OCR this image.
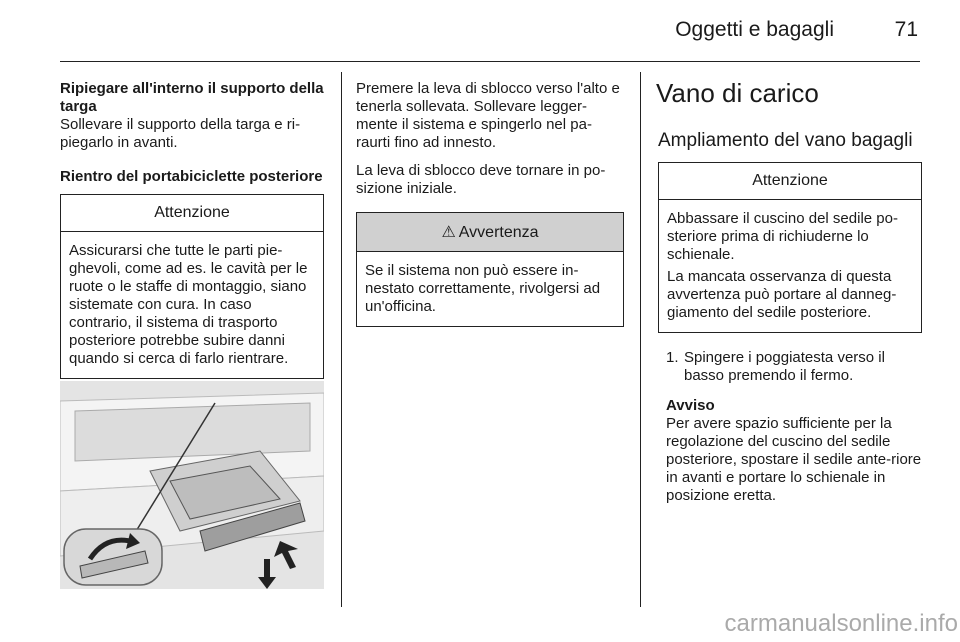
Oggetti e bagagli	71

Ripiegare all'interno il supporto della targa

Sollevare il supporto della targa e ri-piegarlo in avanti.

Rientro del portabiciclette posteriore

Attenzione

Assicurarsi che tutte le parti pie-ghevoli, come ad es. le cavità per le ruote o le staffe di montaggio, siano sistemate con cura. In caso contrario, il sistema di trasporto posteriore potrebbe subire danni quando si cerca di farlo rientrare.

Premere la leva di sblocco verso l'alto e tenerla sollevata. Sollevare legger-mente il sistema e spingerlo nel pa-raurti fino ad innesto.

La leva di sblocco deve tornare in po-sizione iniziale.

⚠ Avvertenza

Se il sistema non può essere in-nestato correttamente, rivolgersi ad un'officina.

Vano di carico
Ampliamento del vano bagagli
Attenzione

Abbassare il cuscino del sedile po-steriore prima di richiuderne lo schienale.

La mancata osservanza di questa avvertenza può portare al danneg-giamento del sedile posteriore.

1. Spingere i poggiatesta verso il basso premendo il fermo.

Avviso

Per avere spazio sufficiente per la regolazione del cuscino del sedile posteriore, spostare il sedile ante-riore in avanti e portare lo schienale in posizione eretta.

carmanualsonline.info
